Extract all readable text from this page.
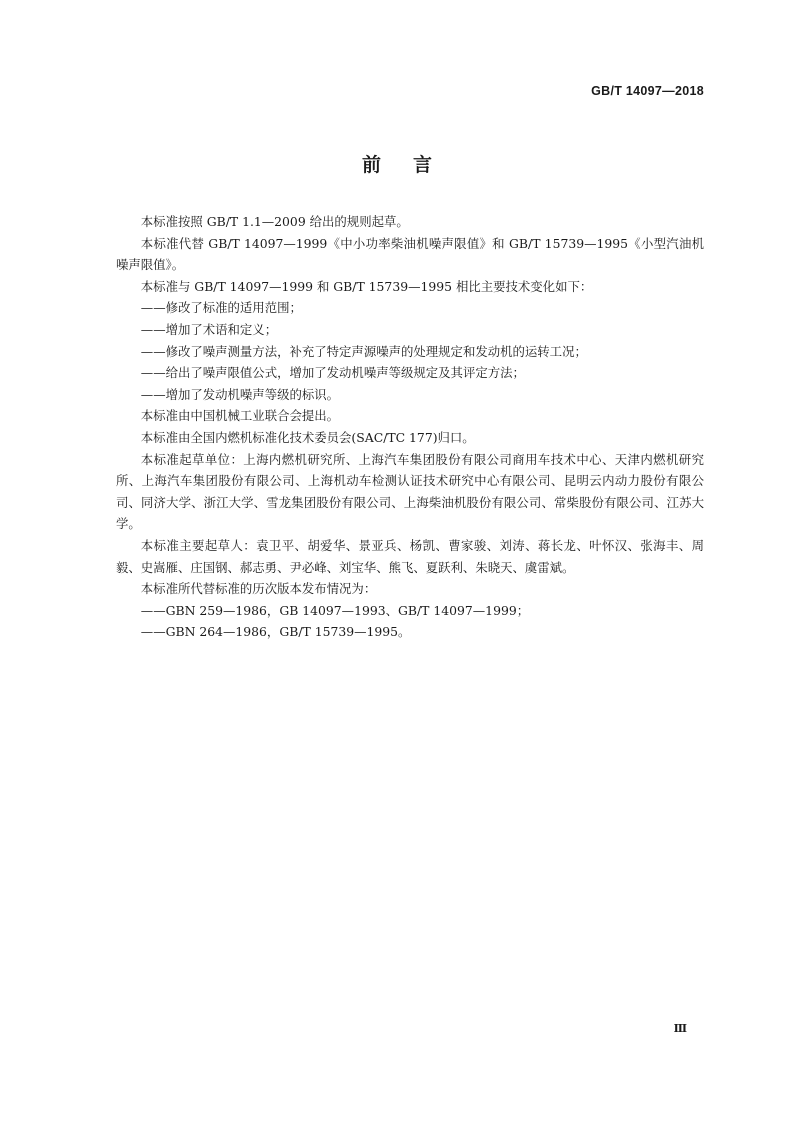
GB/T 14097—2018
前言

本标准按照 GB/T 1.1—2009 给出的规则起草。

本标准代替 GB/T 14097—1999《中小功率柴油机噪声限值》和 GB/T 15739—1995《小型汽油机噪声限值》。

本标准与 GB/T 14097—1999 和 GB/T 15739—1995 相比主要技术变化如下：

——修改了标准的适用范围；

——增加了术语和定义；

——修改了噪声测量方法，补充了特定声源噪声的处理规定和发动机的运转工况；

——给出了噪声限值公式，增加了发动机噪声等级规定及其评定方法；

——增加了发动机噪声等级的标识。

本标准由中国机械工业联合会提出。

本标准由全国内燃机标准化技术委员会(SAC/TC 177)归口。

本标准起草单位：上海内燃机研究所、上海汽车集团股份有限公司商用车技术中心、天津内燃机研究所、上海汽车集团股份有限公司、上海机动车检测认证技术研究中心有限公司、昆明云内动力股份有限公司、同济大学、浙江大学、雪龙集团股份有限公司、上海柴油机股份有限公司、常柴股份有限公司、江苏大学。

本标准主要起草人：袁卫平、胡爱华、景亚兵、杨凯、曹家骏、刘涛、蒋长龙、叶怀汉、张海丰、周毅、史嵩雁、庄国钢、郝志勇、尹必峰、刘宝华、熊飞、夏跃利、朱晓天、虞雷斌。

本标准所代替标准的历次版本发布情况为：

——GBN 259—1986，GB 14097—1993、GB/T 14097—1999；

——GBN 264—1986，GB/T 15739—1995。

Ⅲ
